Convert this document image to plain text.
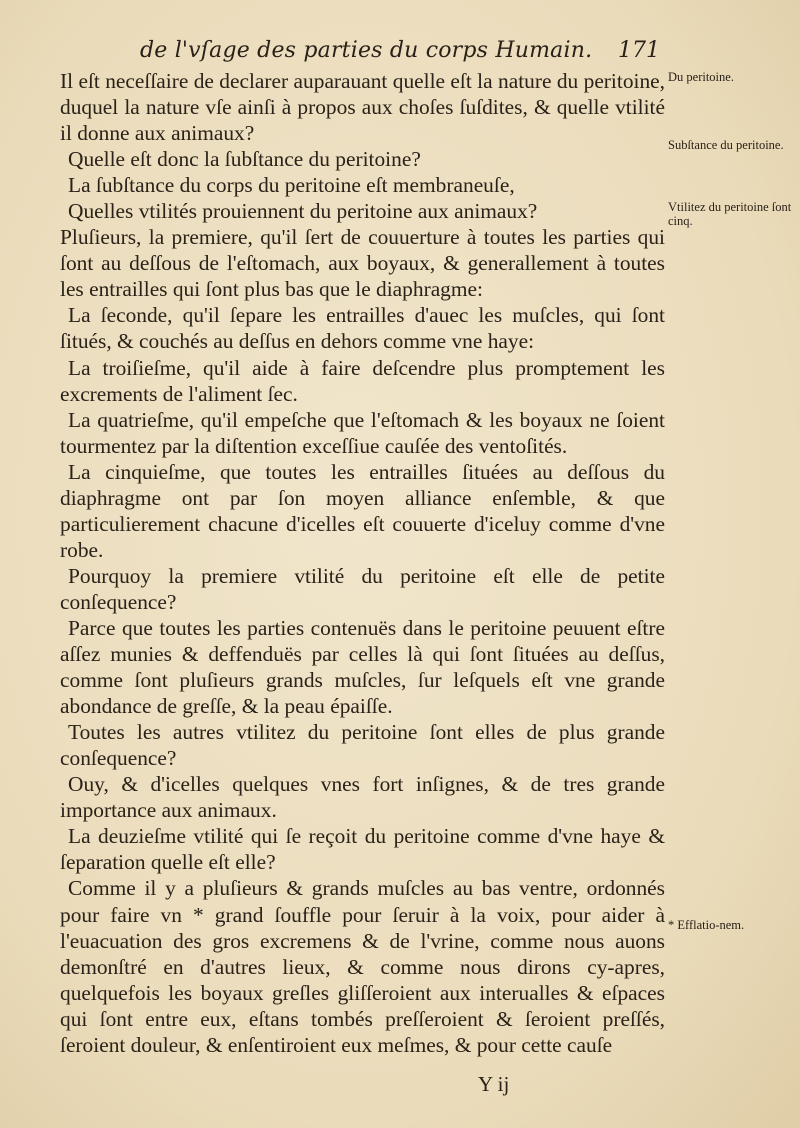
de l'vſage des parties du corps Humain. 171

Il eſt neceſſaire de declarer auparauant quelle eſt la nature du peritoine, duquel la nature vſe ainſi à propos aux choſes ſuſdites, & quelle vtilité il donne aux animaux?

Quelle eſt donc la ſubſtance du peritoine?

La ſubſtance du corps du peritoine eſt membraneuſe,

Quelles vtilités prouiennent du peritoine aux animaux?

Pluſieurs, la premiere, qu'il ſert de couuerture à toutes les parties qui ſont au deſſous de l'eſtomach, aux boyaux, & generallement à toutes les entrailles qui ſont plus bas que le diaphragme:

La ſeconde, qu'il ſepare les entrailles d'auec les muſcles, qui ſont ſitués, & couchés au deſſus en dehors comme vne haye:

La troiſieſme, qu'il aide à faire deſcendre plus promptement les excrements de l'aliment ſec.

La quatrieſme, qu'il empeſche que l'eſtomach & les boyaux ne ſoient tourmentez par la diſtention exceſſiue cauſée des ventoſités.

La cinquieſme, que toutes les entrailles ſituées au deſſous du diaphragme ont par ſon moyen alliance enſemble, & que particulierement chacune d'icelles eſt couuerte d'iceluy comme d'vne robe.

Pourquoy la premiere vtilité du peritoine eſt elle de petite conſequence?

Parce que toutes les parties contenuës dans le peritoine peuuent eſtre aſſez munies & deffenduës par celles là qui ſont ſituées au deſſus, comme ſont pluſieurs grands muſcles, ſur leſquels eſt vne grande abondance de greſſe, & la peau épaiſſe.

Toutes les autres vtilitez du peritoine ſont elles de plus grande conſequence?

Ouy, & d'icelles quelques vnes fort inſignes, & de tres grande importance aux animaux.

La deuzieſme vtilité qui ſe reçoit du peritoine comme d'vne haye & ſeparation quelle eſt elle?

Comme il y a pluſieurs & grands muſcles au bas ventre, ordonnés pour faire vn * grand ſouffle pour ſeruir à la voix, pour aider à l'euacuation des gros excremens & de l'vrine, comme nous auons demonſtré en d'autres lieux, & comme nous dirons cy-apres, quelquefois les boyaux greſles gliſſeroient aux interualles & eſpaces qui ſont entre eux, eſtans tombés preſſeroient & ſeroient preſſés, ſeroient douleur, & enſentiroient eux meſmes, & pour cette cauſe

Du peritoine.
Subſtance du peritoine.
Vtilitez du peritoine ſont cinq.
* Efflatio-nem.
Y ij
